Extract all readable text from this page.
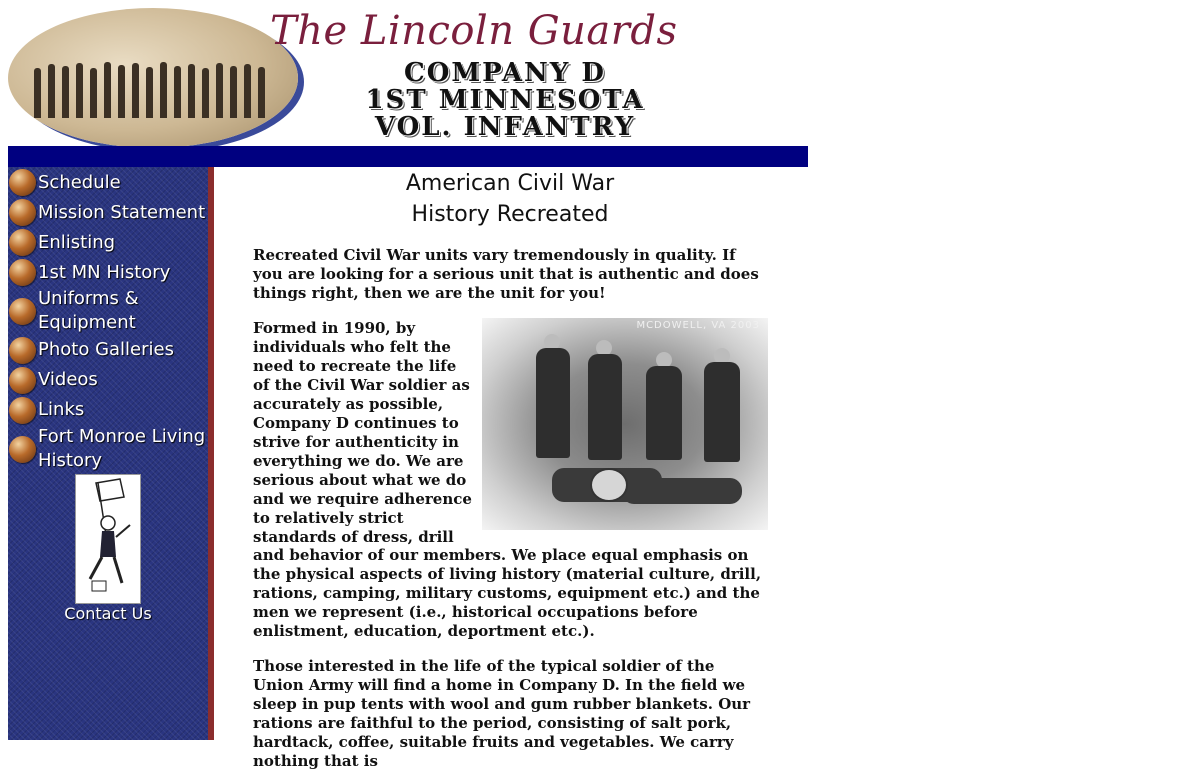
The Lincoln Guards
COMPANY D
1ST MINNESOTA
VOL. INFANTRY
Schedule
Mission Statement
Enlisting
1st MN History
Uniforms & Equipment
Photo Galleries
Videos
Links
Fort Monroe Living History
Contact Us
American Civil War
History Recreated

Recreated Civil War units vary tremendously in quality. If you are looking for a serious unit that is authentic and does things right, then we are the unit for you!

Formed in 1990, by individuals who felt the need to recreate the life of the Civil War soldier as accurately as possible, Company D continues to strive for authenticity in everything we do. We are serious about what we do and we require adherence to relatively strict standards of dress, drill

MCDOWELL, VA 2003

and behavior of our members. We place equal emphasis on the physical aspects of living history (material culture, drill, rations, camping, military customs, equipment etc.) and the men we represent (i.e., historical occupations before enlistment, education, deportment etc.).

Those interested in the life of the typical soldier of the Union Army will find a home in Company D. In the field we sleep in pup tents with wool and gum rubber blankets. Our rations are faithful to the period, consisting of salt pork, hardtack, coffee, suitable fruits and vegetables. We carry nothing that is
